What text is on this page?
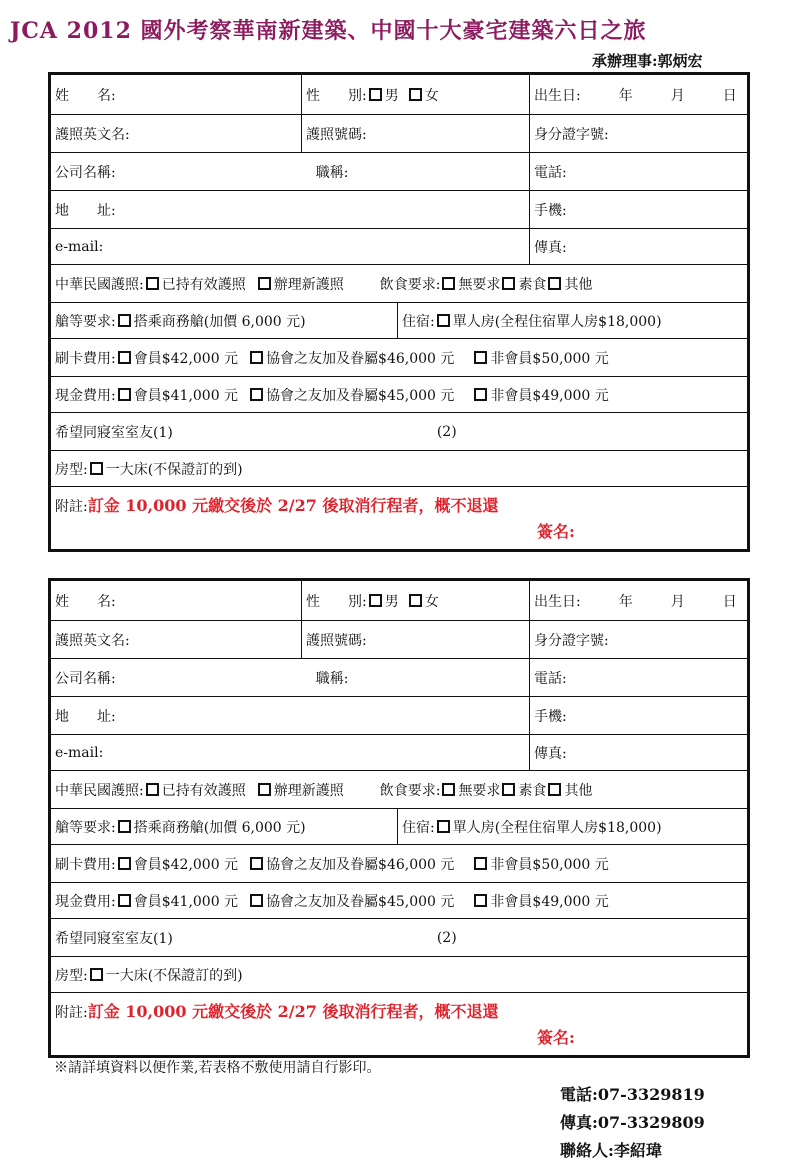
JCA 2012 國外考察華南新建築、中國十大豪宅建築六日之旅
承辦理事:郭炳宏
姓　　名:	性　　別: 男 女	出生日:	年	月	日
護照英文名:	護照號碼:	身分證字號:
公司名稱:	職稱:	電話:
地　　址:	手機:
e-mail:	傳真:
中華民國護照: 已持有效護照 辦理新護照	飲食要求: 無要求 素食 其他
艙等要求: 搭乘商務艙(加價 6,000 元)	住宿: 單人房(全程住宿單人房$18,000)
刷卡費用: 會員$42,000 元 協會之友加及眷屬$46,000 元	非會員$50,000 元
現金費用: 會員$41,000 元 協會之友加及眷屬$45,000 元	非會員$49,000 元
希望同寢室室友(1)	(2)
房型: 一大床(不保證訂的到)
附註:訂金 10,000 元繳交後於 2/27 後取消行程者，概不退還
簽名:
姓　　名:	性　　別: 男 女	出生日:	年	月	日
護照英文名:	護照號碼:	身分證字號:
公司名稱:	職稱:	電話:
地　　址:	手機:
e-mail:	傳真:
中華民國護照: 已持有效護照 辦理新護照	飲食要求: 無要求 素食 其他
艙等要求: 搭乘商務艙(加價 6,000 元)	住宿: 單人房(全程住宿單人房$18,000)
刷卡費用: 會員$42,000 元 協會之友加及眷屬$46,000 元	非會員$50,000 元
現金費用: 會員$41,000 元 協會之友加及眷屬$45,000 元	非會員$49,000 元
希望同寢室室友(1)	(2)
房型: 一大床(不保證訂的到)
附註:訂金 10,000 元繳交後於 2/27 後取消行程者，概不退還
簽名:
※請詳填資料以便作業,若表格不敷使用請自行影印。
電話:07-3329819
傳真:07-3329809
聯絡人:李紹瑋
